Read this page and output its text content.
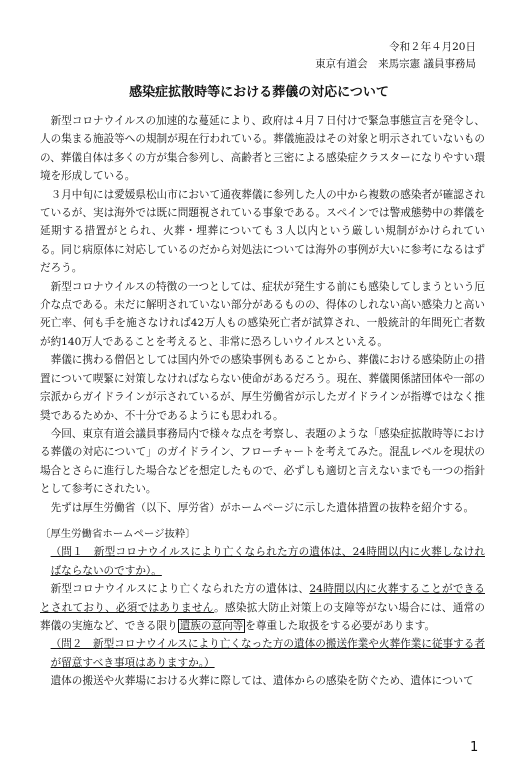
令和２年４月20日
東京有道会　来馬宗憲 議員事務局
感染症拡散時等における葬儀の対応について

新型コロナウイルスの加速的な蔓延により、政府は４月７日付けで緊急事態宣言を発令し、人の集まる施設等への規制が現在行われている。葬儀施設はその対象と明示されていないものの、葬儀自体は多くの方が集合参列し、高齢者と三密による感染症クラスターになりやすい環境を形成している。

３月中旬には愛媛県松山市において通夜葬儀に参列した人の中から複数の感染者が確認されているが、実は海外では既に問題視されている事象である。スペインでは警戒態勢中の葬儀を延期する措置がとられ、火葬・埋葬についても３人以内という厳しい規制がかけられている。同じ病原体に対応しているのだから対処法については海外の事例が大いに参考になるはずだろう。

新型コロナウイルスの特徴の一つとしては、症状が発生する前にも感染してしまうという厄介な点である。未だに解明されていない部分があるものの、得体のしれない高い感染力と高い死亡率、何も手を施さなければ42万人もの感染死亡者が試算され、一般統計的年間死亡者数が約140万人であることを考えると、非常に恐ろしいウイルスといえる。

葬儀に携わる僧侶としては国内外での感染事例もあることから、葬儀における感染防止の措置について喫緊に対策しなければならない使命があるだろう。現在、葬儀関係諸団体や一部の宗派からガイドラインが示されているが、厚生労働省が示したガイドラインが指導ではなく推奨であるためか、不十分であるようにも思われる。

今回、東京有道会議員事務局内で様々な点を考察し、表題のような「感染症拡散時等における葬儀の対応について」のガイドライン、フローチャートを考えてみた。混乱レベルを現状の場合とさらに進行した場合などを想定したもので、必ずしも適切と言えないまでも一つの指針として参考にされたい。

先ずは厚生労働省（以下、厚労省）がホームページに示した遺体措置の抜粋を紹介する。

〔厚生労働省ホームページ抜粋〕

（問１　新型コロナウイルスにより亡くなられた方の遺体は、24時間以内に火葬しなければならないのですか）。

新型コロナウイルスにより亡くなられた方の遺体は、24時間以内に火葬することができるとされており、必須ではありません。感染拡大防止対策上の支障等がない場合には、通常の葬儀の実施など、できる限り 遺族の意向等 を尊重した取扱をする必要があります。

（問２　新型コロナウイルスにより亡くなった方の遺体の搬送作業や火葬作業に従事する者が留意すべき事項はありますか。）

遺体の搬送や火葬場における火葬に際しては、遺体からの感染を防ぐため、遺体について

1
